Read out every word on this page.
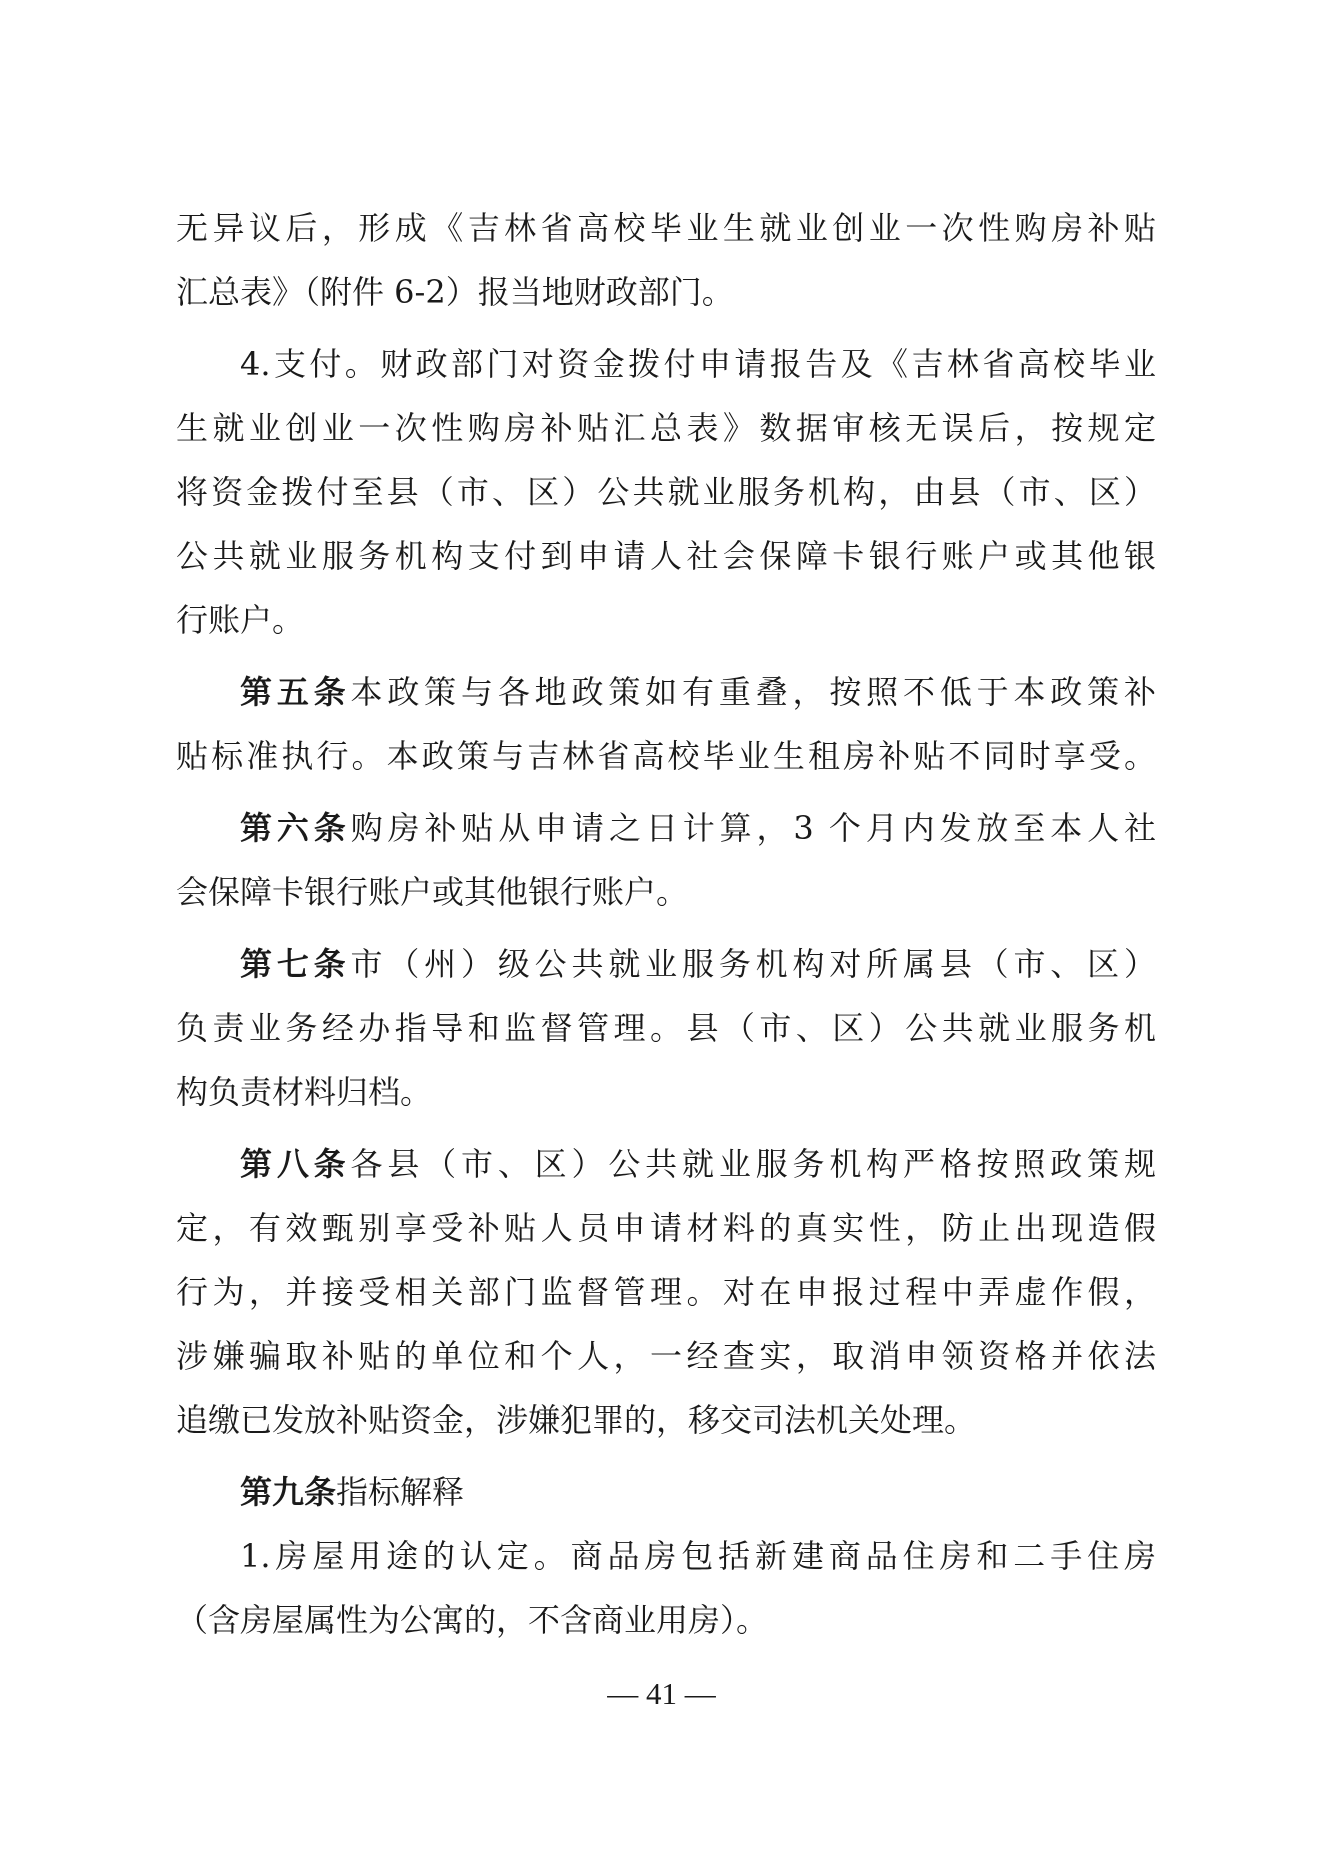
无异议后，形成《吉林省高校毕业生就业创业一次性购房补贴
汇总表》（附件 6-2）报当地财政部门。
4.支付。财政部门对资金拨付申请报告及《吉林省高校毕业
生就业创业一次性购房补贴汇总表》数据审核无误后，按规定
将资金拨付至县（市、区）公共就业服务机构，由县（市、区）
公共就业服务机构支付到申请人社会保障卡银行账户或其他银
行账户。
第五条本政策与各地政策如有重叠，按照不低于本政策补
贴标准执行。本政策与吉林省高校毕业生租房补贴不同时享受。
第六条购房补贴从申请之日计算，3 个月内发放至本人社
会保障卡银行账户或其他银行账户。
第七条市（州）级公共就业服务机构对所属县（市、区）
负责业务经办指导和监督管理。县（市、区）公共就业服务机
构负责材料归档。
第八条各县（市、区）公共就业服务机构严格按照政策规
定，有效甄别享受补贴人员申请材料的真实性，防止出现造假
行为，并接受相关部门监督管理。对在申报过程中弄虚作假，
涉嫌骗取补贴的单位和个人，一经查实，取消申领资格并依法
追缴已发放补贴资金，涉嫌犯罪的，移交司法机关处理。
第九条指标解释
1.房屋用途的认定。商品房包括新建商品住房和二手住房
（含房屋属性为公寓的，不含商业用房）。
— 41 —
